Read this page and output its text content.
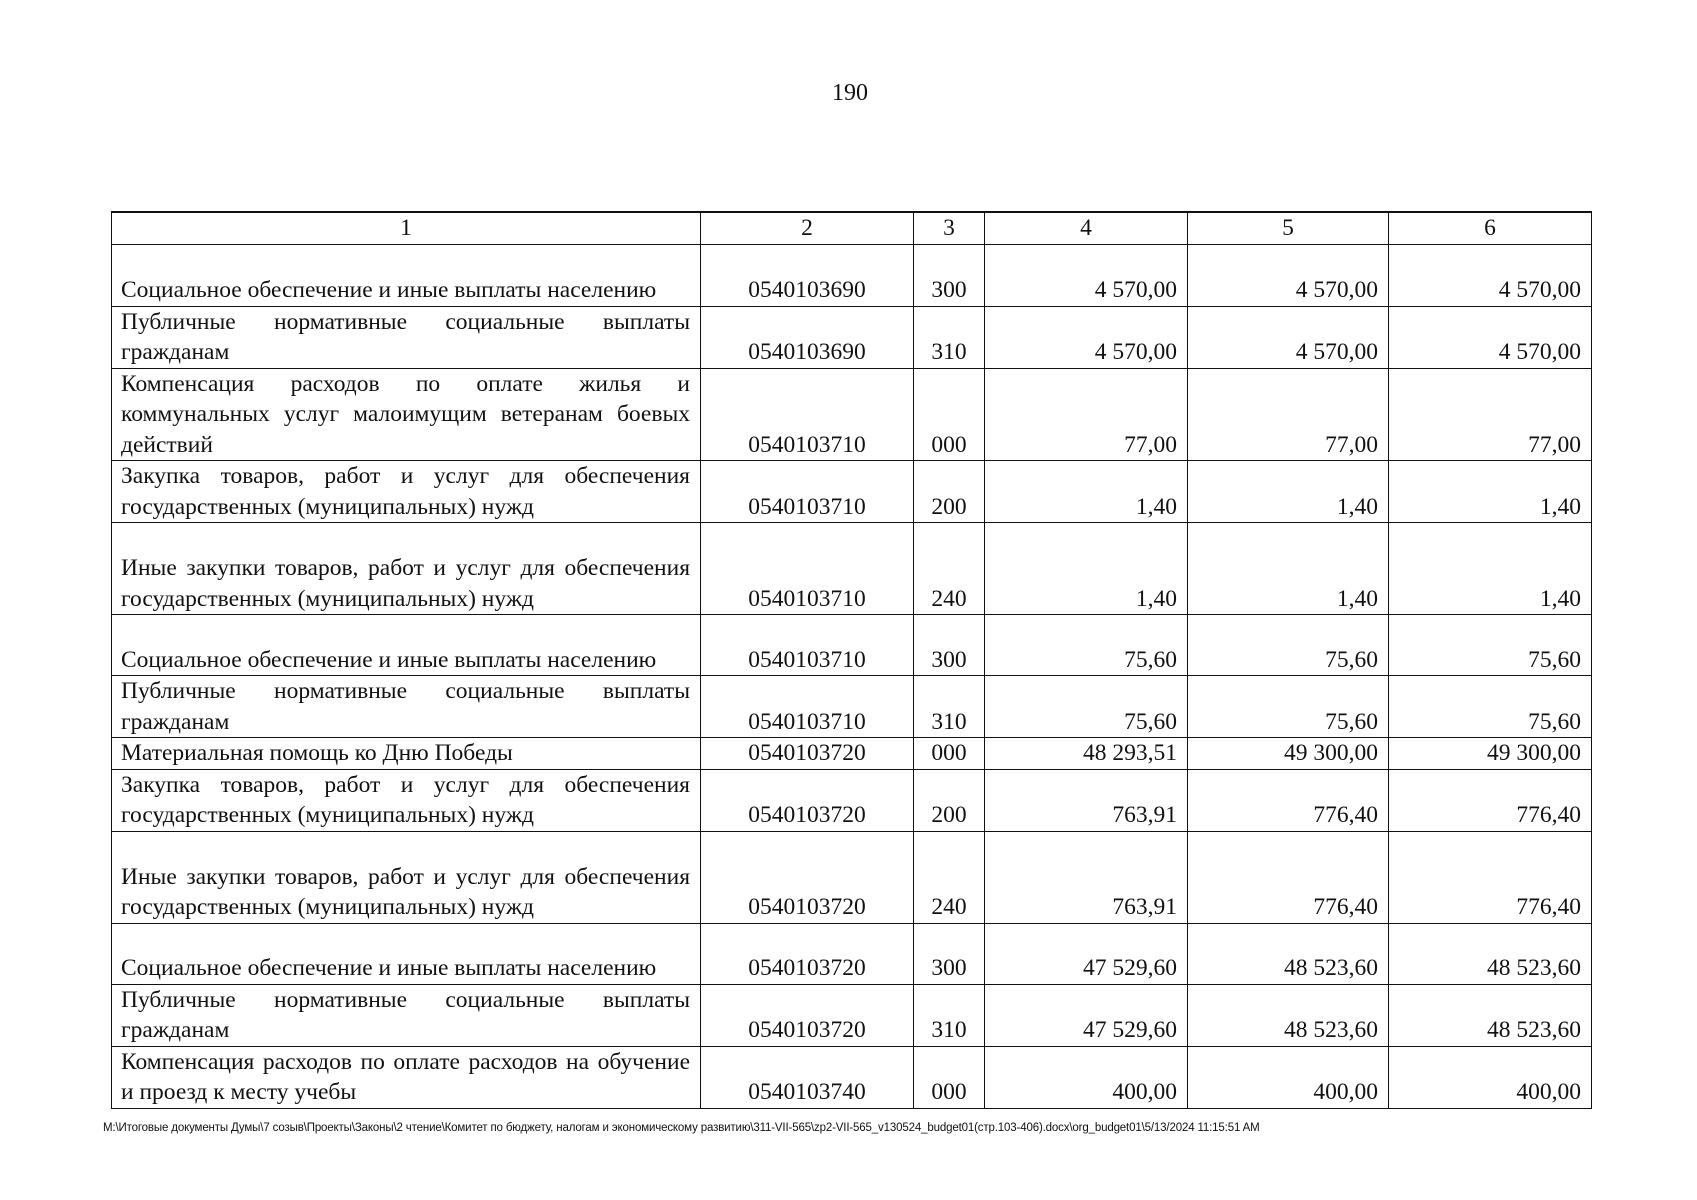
190
1	2	3	4	5	6
Социальное обеспечение и иные выплаты населению	0540103690	300	4 570,00	4 570,00	4 570,00
Публичные нормативные социальные выплаты гражданам	0540103690	310	4 570,00	4 570,00	4 570,00
Компенсация расходов по оплате жилья и коммунальных услуг малоимущим ветеранам боевых действий	0540103710	000	77,00	77,00	77,00
Закупка товаров, работ и услуг для обеспечения государственных (муниципальных) нужд	0540103710	200	1,40	1,40	1,40
Иные закупки товаров, работ и услуг для обеспечения государственных (муниципальных) нужд	0540103710	240	1,40	1,40	1,40
Социальное обеспечение и иные выплаты населению	0540103710	300	75,60	75,60	75,60
Публичные нормативные социальные выплаты гражданам	0540103710	310	75,60	75,60	75,60
Материальная помощь ко Дню Победы	0540103720	000	48 293,51	49 300,00	49 300,00
Закупка товаров, работ и услуг для обеспечения государственных (муниципальных) нужд	0540103720	200	763,91	776,40	776,40
Иные закупки товаров, работ и услуг для обеспечения государственных (муниципальных) нужд	0540103720	240	763,91	776,40	776,40
Социальное обеспечение и иные выплаты населению	0540103720	300	47 529,60	48 523,60	48 523,60
Публичные нормативные социальные выплаты гражданам	0540103720	310	47 529,60	48 523,60	48 523,60
Компенсация расходов по оплате расходов на обучение и проезд к месту учебы	0540103740	000	400,00	400,00	400,00
M:\Итоговые документы Думы\7 созыв\Проекты\Законы\2 чтение\Комитет по бюджету, налогам и экономическому развитию\311-VII-565\zp2-VII-565_v130524_budget01(стр.103-406).docx\org_budget01\5/13/2024 11:15:51 AM
